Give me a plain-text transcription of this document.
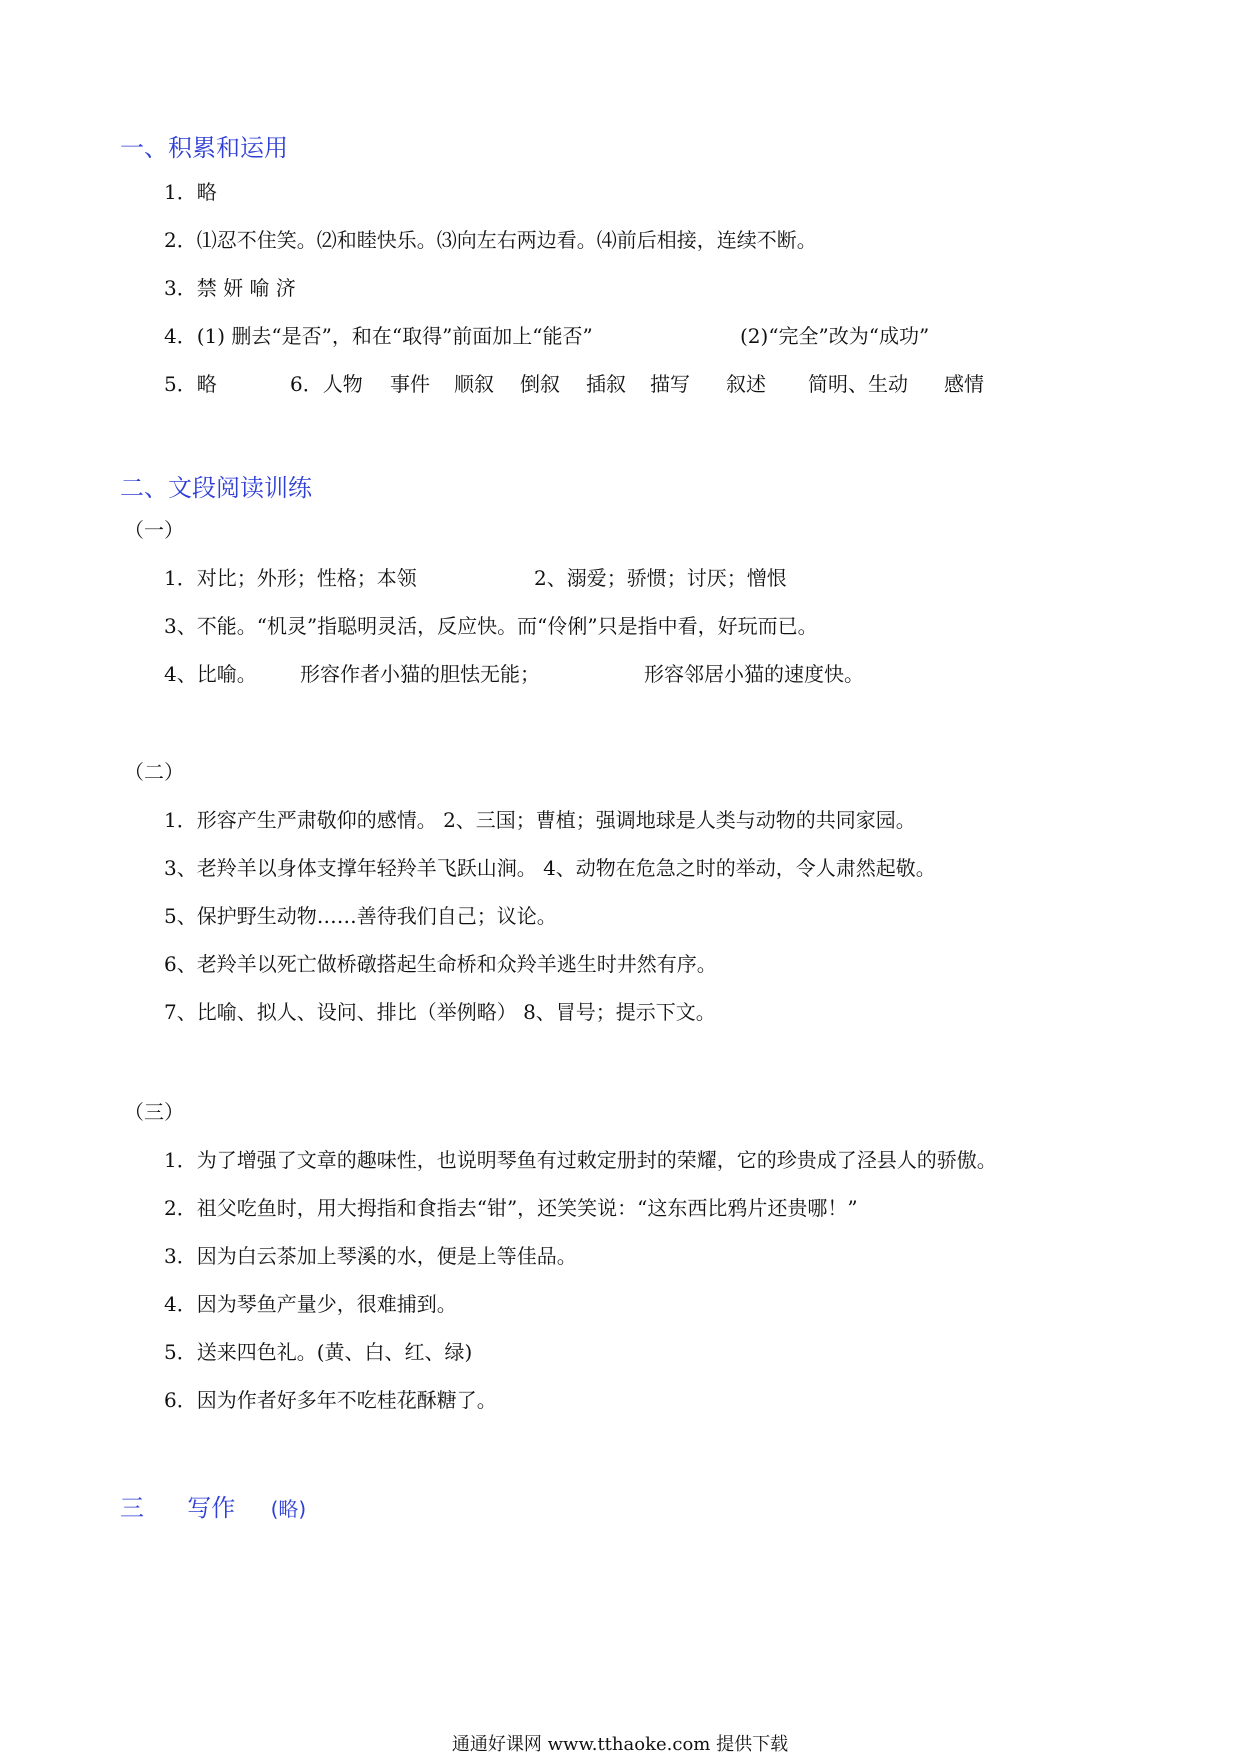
一、积累和运用
1．略
2．⑴忍不住笑。⑵和睦快乐。⑶向左右两边看。⑷前后相接，连续不断。
3．禁 妍 喻 济
4．(1) 删去“是否”，和在“取得”前面加上“能否”	(2)“完全”改为“成功”
5．略	6．人物 事件 顺叙 倒叙 插叙 描写 叙述 简明、生动 感情
二、文段阅读训练
（一）
1．对比；外形；性格；本领	2、溺爱；骄惯；讨厌；憎恨
3、不能。“机灵”指聪明灵活，反应快。而“伶俐”只是指中看，好玩而已。
4、比喻。 形容作者小猫的胆怯无能；	形容邻居小猫的速度快。
（二）
1．形容产生严肃敬仰的感情。 2、三国；曹植；强调地球是人类与动物的共同家园。
3、老羚羊以身体支撑年轻羚羊飞跃山涧。 4、动物在危急之时的举动，令人肃然起敬。
5、保护野生动物……善待我们自己；议论。
6、老羚羊以死亡做桥礅搭起生命桥和众羚羊逃生时井然有序。
7、比喻、拟人、设问、排比（举例略） 8、冒号；提示下文。
（三）
1．为了增强了文章的趣味性，也说明琴鱼有过敕定册封的荣耀，它的珍贵成了泾县人的骄傲。
2．祖父吃鱼时，用大拇指和食指去“钳”，还笑笑说：“这东西比鸦片还贵哪！”
3．因为白云茶加上琴溪的水，便是上等佳品。
4．因为琴鱼产量少，很难捕到。
5．送来四色礼。(黄、白、红、绿)
6．因为作者好多年不吃桂花酥糖了。
三 写作 (略)
通通好课网 www.tthaoke.com 提供下载
